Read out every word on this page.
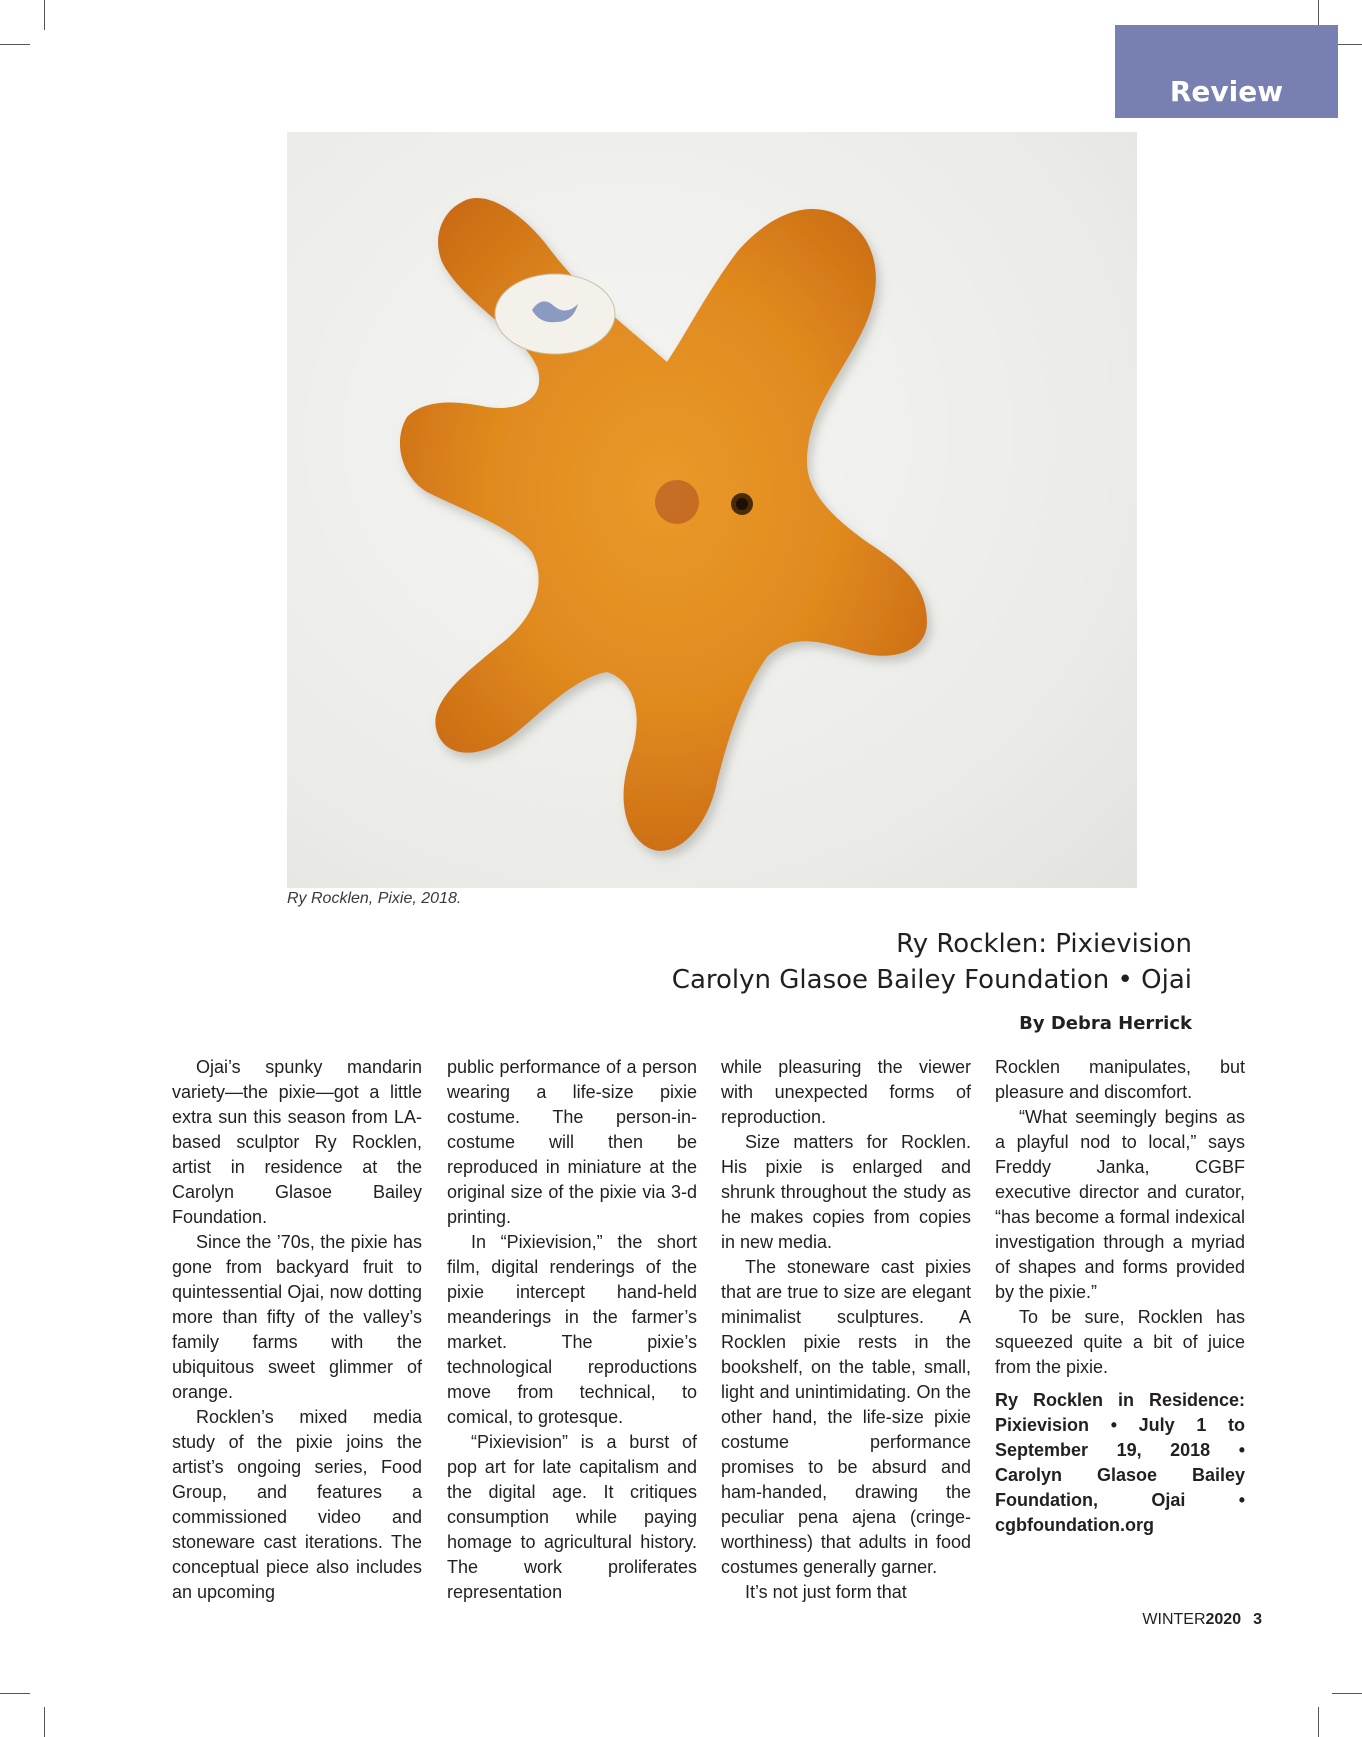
Review
Ry Rocklen, Pixie, 2018.
Ry Rocklen: Pixievision
Carolyn Glasoe Bailey Foundation • Ojai
By Debra Herrick

Ojai’s spunky mandarin variety—the pixie—got a little extra sun this season from LA-based sculptor Ry Rocklen, artist in residence at the Carolyn Glasoe Bailey Foundation.

Since the ’70s, the pixie has gone from backyard fruit to quintessential Ojai, now dotting more than fifty of the valley’s family farms with the ubiquitous sweet glimmer of orange.

Rocklen’s mixed media study of the pixie joins the artist’s ongoing series, Food Group, and features a commissioned video and stoneware cast iterations. The conceptual piece also includes an upcoming

public performance of a person wearing a life-size pixie costume. The person-in-costume will then be reproduced in miniature at the original size of the pixie via 3-d printing.

In “Pixievision,” the short film, digital renderings of the pixie intercept hand-held meanderings in the farmer’s market. The pixie’s technological reproductions move from technical, to comical, to grotesque.

“Pixievision” is a burst of pop art for late capitalism and the digital age. It critiques consumption while paying homage to agricultural history. The work proliferates representation

while pleasuring the viewer with unexpected forms of reproduction.

Size matters for Rocklen. His pixie is enlarged and shrunk throughout the study as he makes copies from copies in new media.

The stoneware cast pixies that are true to size are elegant minimalist sculptures. A Rocklen pixie rests in the bookshelf, on the table, small, light and unintimidating. On the other hand, the life-size pixie costume performance promises to be absurd and ham-handed, drawing the peculiar pena ajena (cringe-worthiness) that adults in food costumes generally garner.

It’s not just form that

Rocklen manipulates, but pleasure and discomfort.

“What seemingly begins as a playful nod to local,” says Freddy Janka, CGBF executive director and curator, “has become a formal indexical investigation through a myriad of shapes and forms provided by the pixie.”

To be sure, Rocklen has squeezed quite a bit of juice from the pixie.

Ry Rocklen in Residence: Pixievision • July 1 to September 19, 2018 • Carolyn Glasoe Bailey Foundation, Ojai • cgbfoundation.org
WINTER2020 3
